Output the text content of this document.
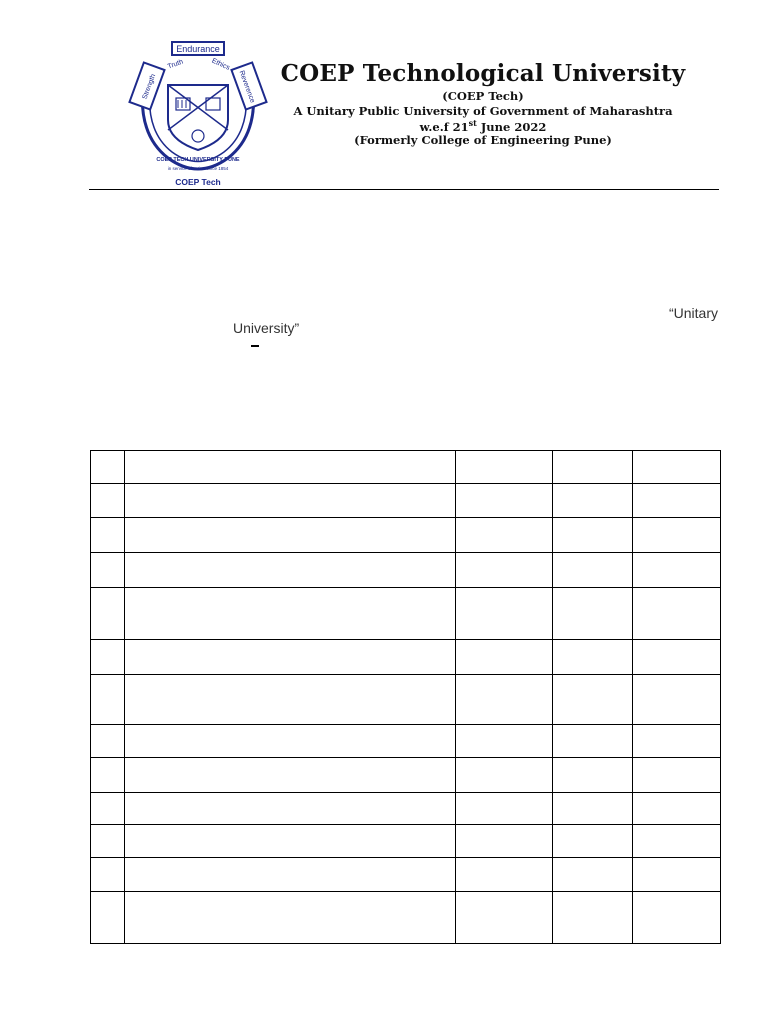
Endurance
Strength	Reverence
Truth	Ethics
COEP TECH UNIVERSITY PUNE
in service of nation since 1854
COEP Tech
COEP Technological University
(COEP Tech)
A Unitary Public University of Government of Maharashtra
w.e.f 21st June 2022
(Formerly College of Engineering Pune)
“Unitary
University”
